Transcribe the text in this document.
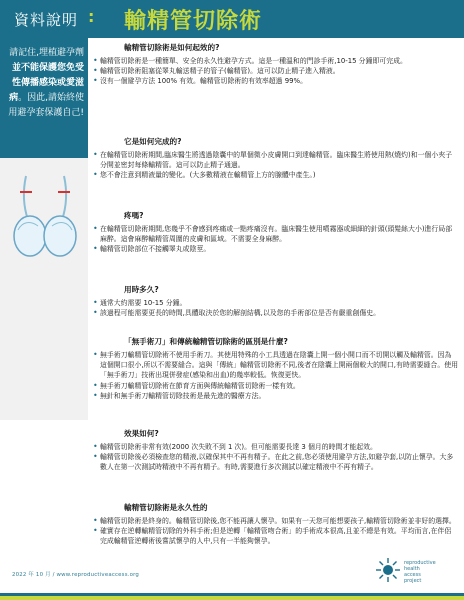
資料說明 : 輸精管切除術
請記住,埋植避孕劑並不能保護您免受性傳播感染或愛滋病。因此,請始終使用避孕套保護自己!
輸精管切除術是如何起效的?
• 輸精管切除術是一種簡單、安全的永久性避孕方式。這是一種溫和的門診手術,10-15 分鐘即可完成。
• 輸精管切除術阻塞從睪丸輸送精子的管子(輸精管)。這可以防止精子進入精液。
• 沒有一個避孕方法 100% 有效。輸精管切除術的有效率超過 99%。
它是如何完成的?
• 在輸精管切除術期間,臨床醫生將透過陰囊中的單個微小皮膚開口到達輸精管。臨床醫生將使用熱(燒灼)和一個小夾子分開並密封每條輸精管。這可以防止精子通過。
• 您不會注意到精液量的變化。(大多數精液在輸精管上方的腺體中產生。)
疼嗎?
• 在輸精管切除術期間,您幾乎不會感到疼痛或一點疼痛沒有。臨床醫生使用噴霧器或細細的針頭(頭髮絲大小)進行局部麻醉。這會麻醉輸精管周圍的皮膚和區域。不需要全身麻醉。
• 輸精管切除部位不接觸睪丸或陰莖。
用時多久?
• 通常大約需要 10-15 分鐘。
• 該過程可能需要更長的時間,具體取決於您的解剖結構,以及您的手術部位是否有嚴重創傷史。
「無手術刀」和傳統輸精管切除術的區別是什麼?
• 無手術刀輸精管切除術不使用手術刀。其使用特殊的小工具透過在陰囊上開一個小開口而不切開以觸及輸精管。因為這個開口很小,所以不需要縫合。這與「傳統」輸精管切除術不同,後者在陰囊上開兩個較大的開口,有時需要縫合。使用「無手術刀」技術出現併發症(感染和出血)的幾率較低。恢復更快。
• 無手術刀輸精管切除術在節育方面與傳統輸精管切除術一樣有效。
• 無針和無手術刀輸精管切除技術是最先進的醫療方法。
效果如何?
• 輸精管切除術非常有效(2000 次失敗不到 1 次)。但可能需要長達 3 個月的時間才能起效。
• 輸精管切除後必須檢查您的精液,以確保其中不再有精子。在此之前,您必須使用避孕方法,如避孕套,以防止懷孕。大多數人在第一次測試時精液中不再有精子。有時,需要進行多次測試以確定精液中不再有精子。
輸精管切除術是永久性的
• 輸精管切除術是終身的。輸精管切除後,您不能再讓人懷孕。如果有一天您可能想要孩子,輸精管切除術並非好的選擇。
• 確實存在逆轉輸精管切除的外科手術;但是逆轉「輸精管吻合術」的手術成本很高,且並不總是有效。平均而言,在伴侶完成輸精管逆轉術後嘗試懷孕的人中,只有一半能夠懷孕。
2022 年 10 月 / www.reproductiveaccess.org
reproductive
health
access
project
